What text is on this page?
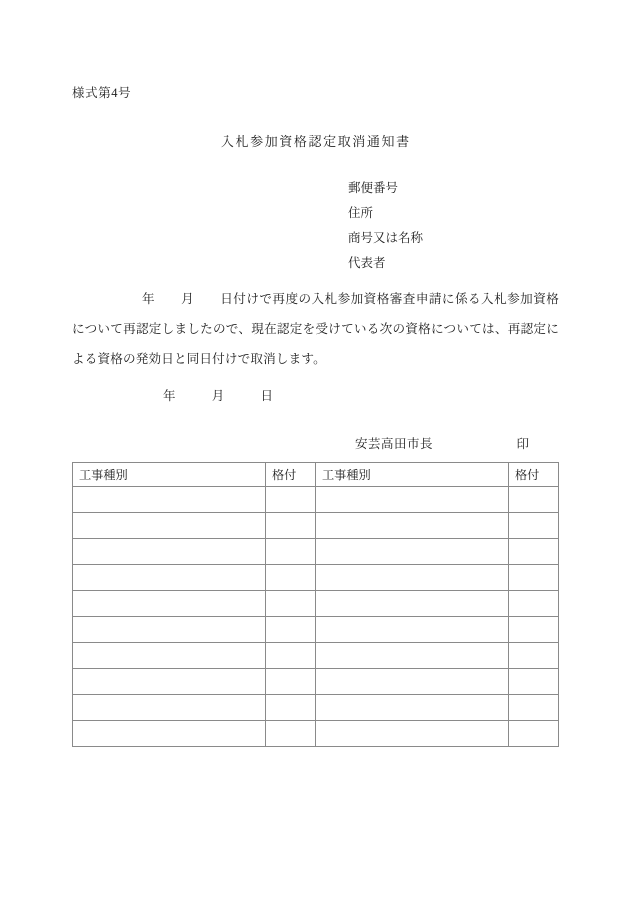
様式第4号
入札参加資格認定取消通知書
郵便番号
住所
商号又は名称
代表者
年　　月　　日付けで再度の入札参加資格審査申請に係る入札参加資格について再認定しましたので、現在認定を受けている次の資格については、再認定による資格の発効日と同日付けで取消します。
年	月	日
安芸高田市長	印
工事種別	格付	工事種別	格付
